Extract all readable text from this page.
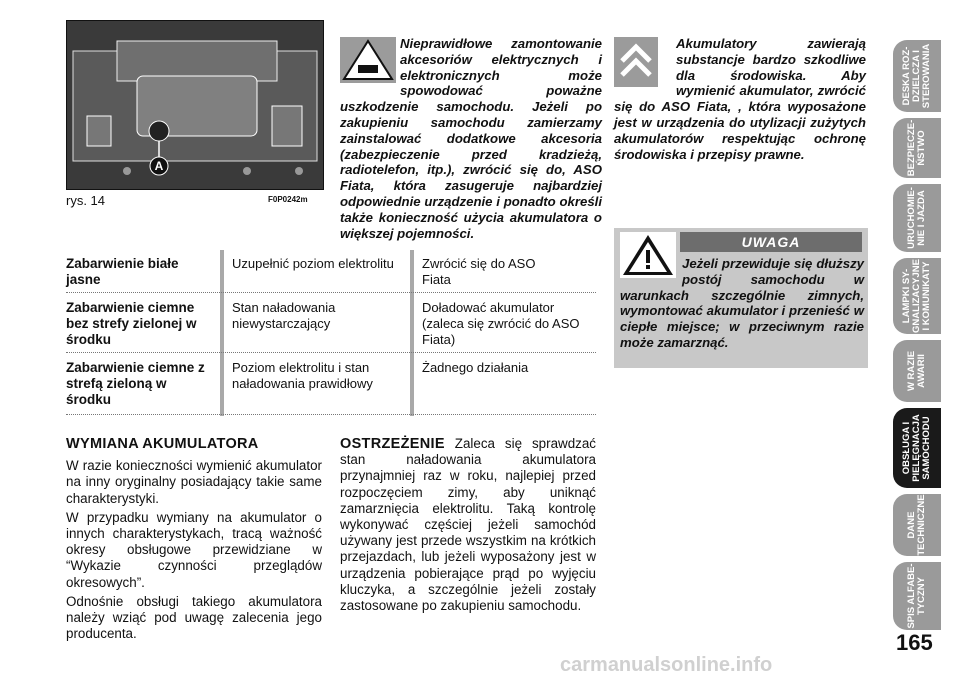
A
rys. 14	F0P0242m
Nieprawidłowe zamontowanie akcesoriów elektrycznych i elektronicznych może spowodować poważne uszkodzenie samochodu. Jeżeli po zakupieniu samochodu zamierzamy zainstalować dodatkowe akcesoria (zabezpieczenie przed kradzieżą, radiotelefon, itp.), zwrócić się do, ASO Fiata, która zasugeruje najbardziej odpowiednie urządzenie i ponadto określi także konieczność użycia akumulatora o większej pojemności.
Akumulatory zawierają substancje bardzo szkodliwe dla środowiska. Aby wymienić akumulator, zwrócić się do ASO Fiata, , która wyposażone jest w urządzenia do utylizacji zużytych akumulatorów respektując ochronę środowiska i przepisy prawne.
UWAGA
Jeżeli przewiduje się dłuższy postój samochodu w warunkach szczególnie zimnych, wymontować akumulator i przenieść w ciepłe miejsce; w przeciwnym razie może zamarznąć.
Zabarwienie białe jasne
Uzupełnić poziom elektrolitu	Zwrócić się do ASO Fiata
Zabarwienie ciemne bez strefy zielonej w środku
Stan naładowania niewystarczający
Doładować akumulator (zaleca się zwrócić do ASO Fiata)
Zabarwienie ciemne z strefą zieloną w środku
Poziom elektrolitu i stan naładowania prawidłowy
Żadnego działania

WYMIANA AKUMULATORA

W razie konieczności wymienić akumulator na inny oryginalny posiadający takie same charakterystyki.

W przypadku wymiany na akumulator o innych charakterystykach, tracą ważność okresy obsługowe przewidziane w “Wykazie czynności przeglądów okresowych”.

Odnośnie obsługi takiego akumulatora należy wziąć pod uwagę zalecenia jego producenta.

OSTRZEŻENIE Zaleca się sprawdzać stan naładowania akumulatora przynajmniej raz w roku, najlepiej przed rozpoczęciem zimy, aby uniknąć zamarznięcia elektrolitu. Taką kontrolę wykonywać częściej jeżeli samochód używany jest przede wszystkim na krótkich przejazdach, lub jeżeli wyposażony jest w urządzenia pobierające prąd po wyjęciu kluczyka, a szczególnie jeżeli zostały zastosowane po zakupieniu samochodu.

DESKA ROZ-
DZIELCZA I
STEROWANIA
BEZPIECZE-
ŃSTWO
URUCHOMIE-
NIE I JAZDA
LAMPKI SY-
GNALIZACYJNE
I KOMUNIKATY
W RAZIE
AWARII
OBSŁUGA I
PIELĘGNACJA
SAMOCHODU
DANE
TECHNICZNE
SPIS ALFABE-
TYCZNY
165
carmanualsonline.info
